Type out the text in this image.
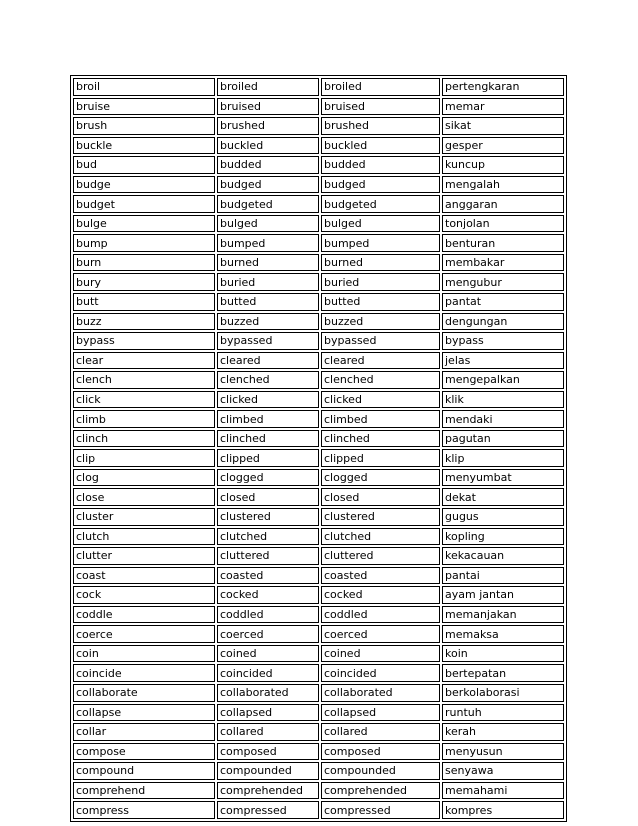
broil	broiled	broiled	pertengkaran
bruise	bruised	bruised	memar
brush	brushed	brushed	sikat
buckle	buckled	buckled	gesper
bud	budded	budded	kuncup
budge	budged	budged	mengalah
budget	budgeted	budgeted	anggaran
bulge	bulged	bulged	tonjolan
bump	bumped	bumped	benturan
burn	burned	burned	membakar
bury	buried	buried	mengubur
butt	butted	butted	pantat
buzz	buzzed	buzzed	dengungan
bypass	bypassed	bypassed	bypass
clear	cleared	cleared	jelas
clench	clenched	clenched	mengepalkan
click	clicked	clicked	klik
climb	climbed	climbed	mendaki
clinch	clinched	clinched	pagutan
clip	clipped	clipped	klip
clog	clogged	clogged	menyumbat
close	closed	closed	dekat
cluster	clustered	clustered	gugus
clutch	clutched	clutched	kopling
clutter	cluttered	cluttered	kekacauan
coast	coasted	coasted	pantai
cock	cocked	cocked	ayam jantan
coddle	coddled	coddled	memanjakan
coerce	coerced	coerced	memaksa
coin	coined	coined	koin
coincide	coincided	coincided	bertepatan
collaborate	collaborated	collaborated	berkolaborasi
collapse	collapsed	collapsed	runtuh
collar	collared	collared	kerah
compose	composed	composed	menyusun
compound	compounded	compounded	senyawa
comprehend	comprehended	comprehended	memahami
compress	compressed	compressed	kompres
